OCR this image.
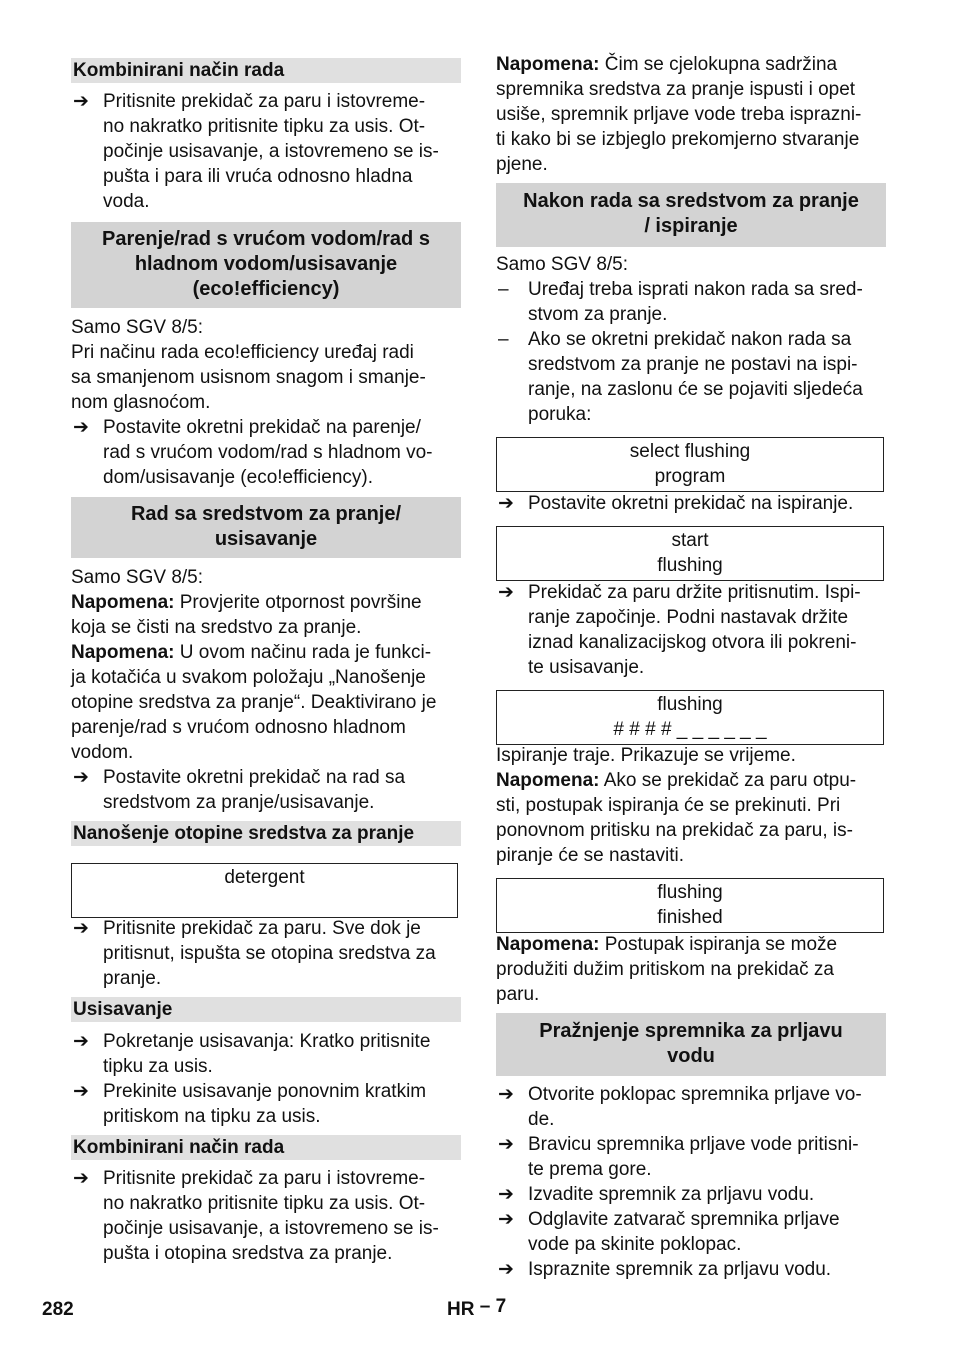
Kombinirani način rada
➔ Pritisnite prekidač za paru i istovreme-
no nakratko pritisnite tipku za usis. Ot-
počinje usisavanje, a istovremeno se is-
pušta i para ili vruća odnosno hladna
voda.
Parenje/rad s vrućom vodom/rad s
hladnom vodom/usisavanje
(eco!efficiency)
Samo SGV 8/5:
Pri načinu rada eco!efficiency uređaj radi
sa smanjenom usisnom snagom i smanje-
nom glasnoćom.
➔ Postavite okretni prekidač na parenje/
rad s vrućom vodom/rad s hladnom vo-
dom/usisavanje (eco!efficiency).
Rad sa sredstvom za pranje/
usisavanje
Samo SGV 8/5:
Napomena: Provjerite otpornost površine
koja se čisti na sredstvo za pranje.
Napomena: U ovom načinu rada je funkci-
ja kotačića u svakom položaju „Nanošenje
otopine sredstva za pranje“. Deaktivirano je
parenje/rad s vrućom odnosno hladnom
vodom.
➔ Postavite okretni prekidač na rad sa
sredstvom za pranje/usisavanje.
Nanošenje otopine sredstva za pranje
detergent
➔ Pritisnite prekidač za paru. Sve dok je
pritisnut, ispušta se otopina sredstva za
pranje.
Usisavanje
➔ Pokretanje usisavanja: Kratko pritisnite
tipku za usis.
➔ Prekinite usisavanje ponovnim kratkim
pritiskom na tipku za usis.
Kombinirani način rada
➔ Pritisnite prekidač za paru i istovreme-
no nakratko pritisnite tipku za usis. Ot-
počinje usisavanje, a istovremeno se is-
pušta i otopina sredstva za pranje.
Napomena: Čim se cjelokupna sadržina
spremnika sredstva za pranje ispusti i opet
usiše, spremnik prljave vode treba isprazni-
ti kako bi se izbjeglo prekomjerno stvaranje
pjene.
Nakon rada sa sredstvom za pranje
/ ispiranje
Samo SGV 8/5:
– Uređaj treba isprati nakon rada sa sred-
stvom za pranje.
– Ako se okretni prekidač nakon rada sa
sredstvom za pranje ne postavi na ispi-
ranje, na zaslonu će se pojaviti sljedeća
poruka:
select flushing
program
➔ Postavite okretni prekidač na ispiranje.
start
flushing
➔ Prekidač za paru držite pritisnutim. Ispi-
ranje započinje. Podni nastavak držite
iznad kanalizacijskog otvora ili pokreni-
te usisavanje.
flushing
# # # # _ _ _ _ _ _
Ispiranje traje. Prikazuje se vrijeme.
Napomena: Ako se prekidač za paru otpu-
sti, postupak ispiranja će se prekinuti. Pri
ponovnom pritisku na prekidač za paru, is-
piranje će se nastaviti.
flushing
finished
Napomena: Postupak ispiranja se može
produžiti dužim pritiskom na prekidač za
paru.
Pražnjenje spremnika za prljavu
vodu
➔ Otvorite poklopac spremnika prljave vo-
de.
➔ Bravicu spremnika prljave vode pritisni-
te prema gore.
➔ Izvadite spremnik za prljavu vodu.
➔ Odglavite zatvarač spremnika prljave
vode pa skinite poklopac.
➔ Ispraznite spremnik za prljavu vodu.
282	HR – 7
